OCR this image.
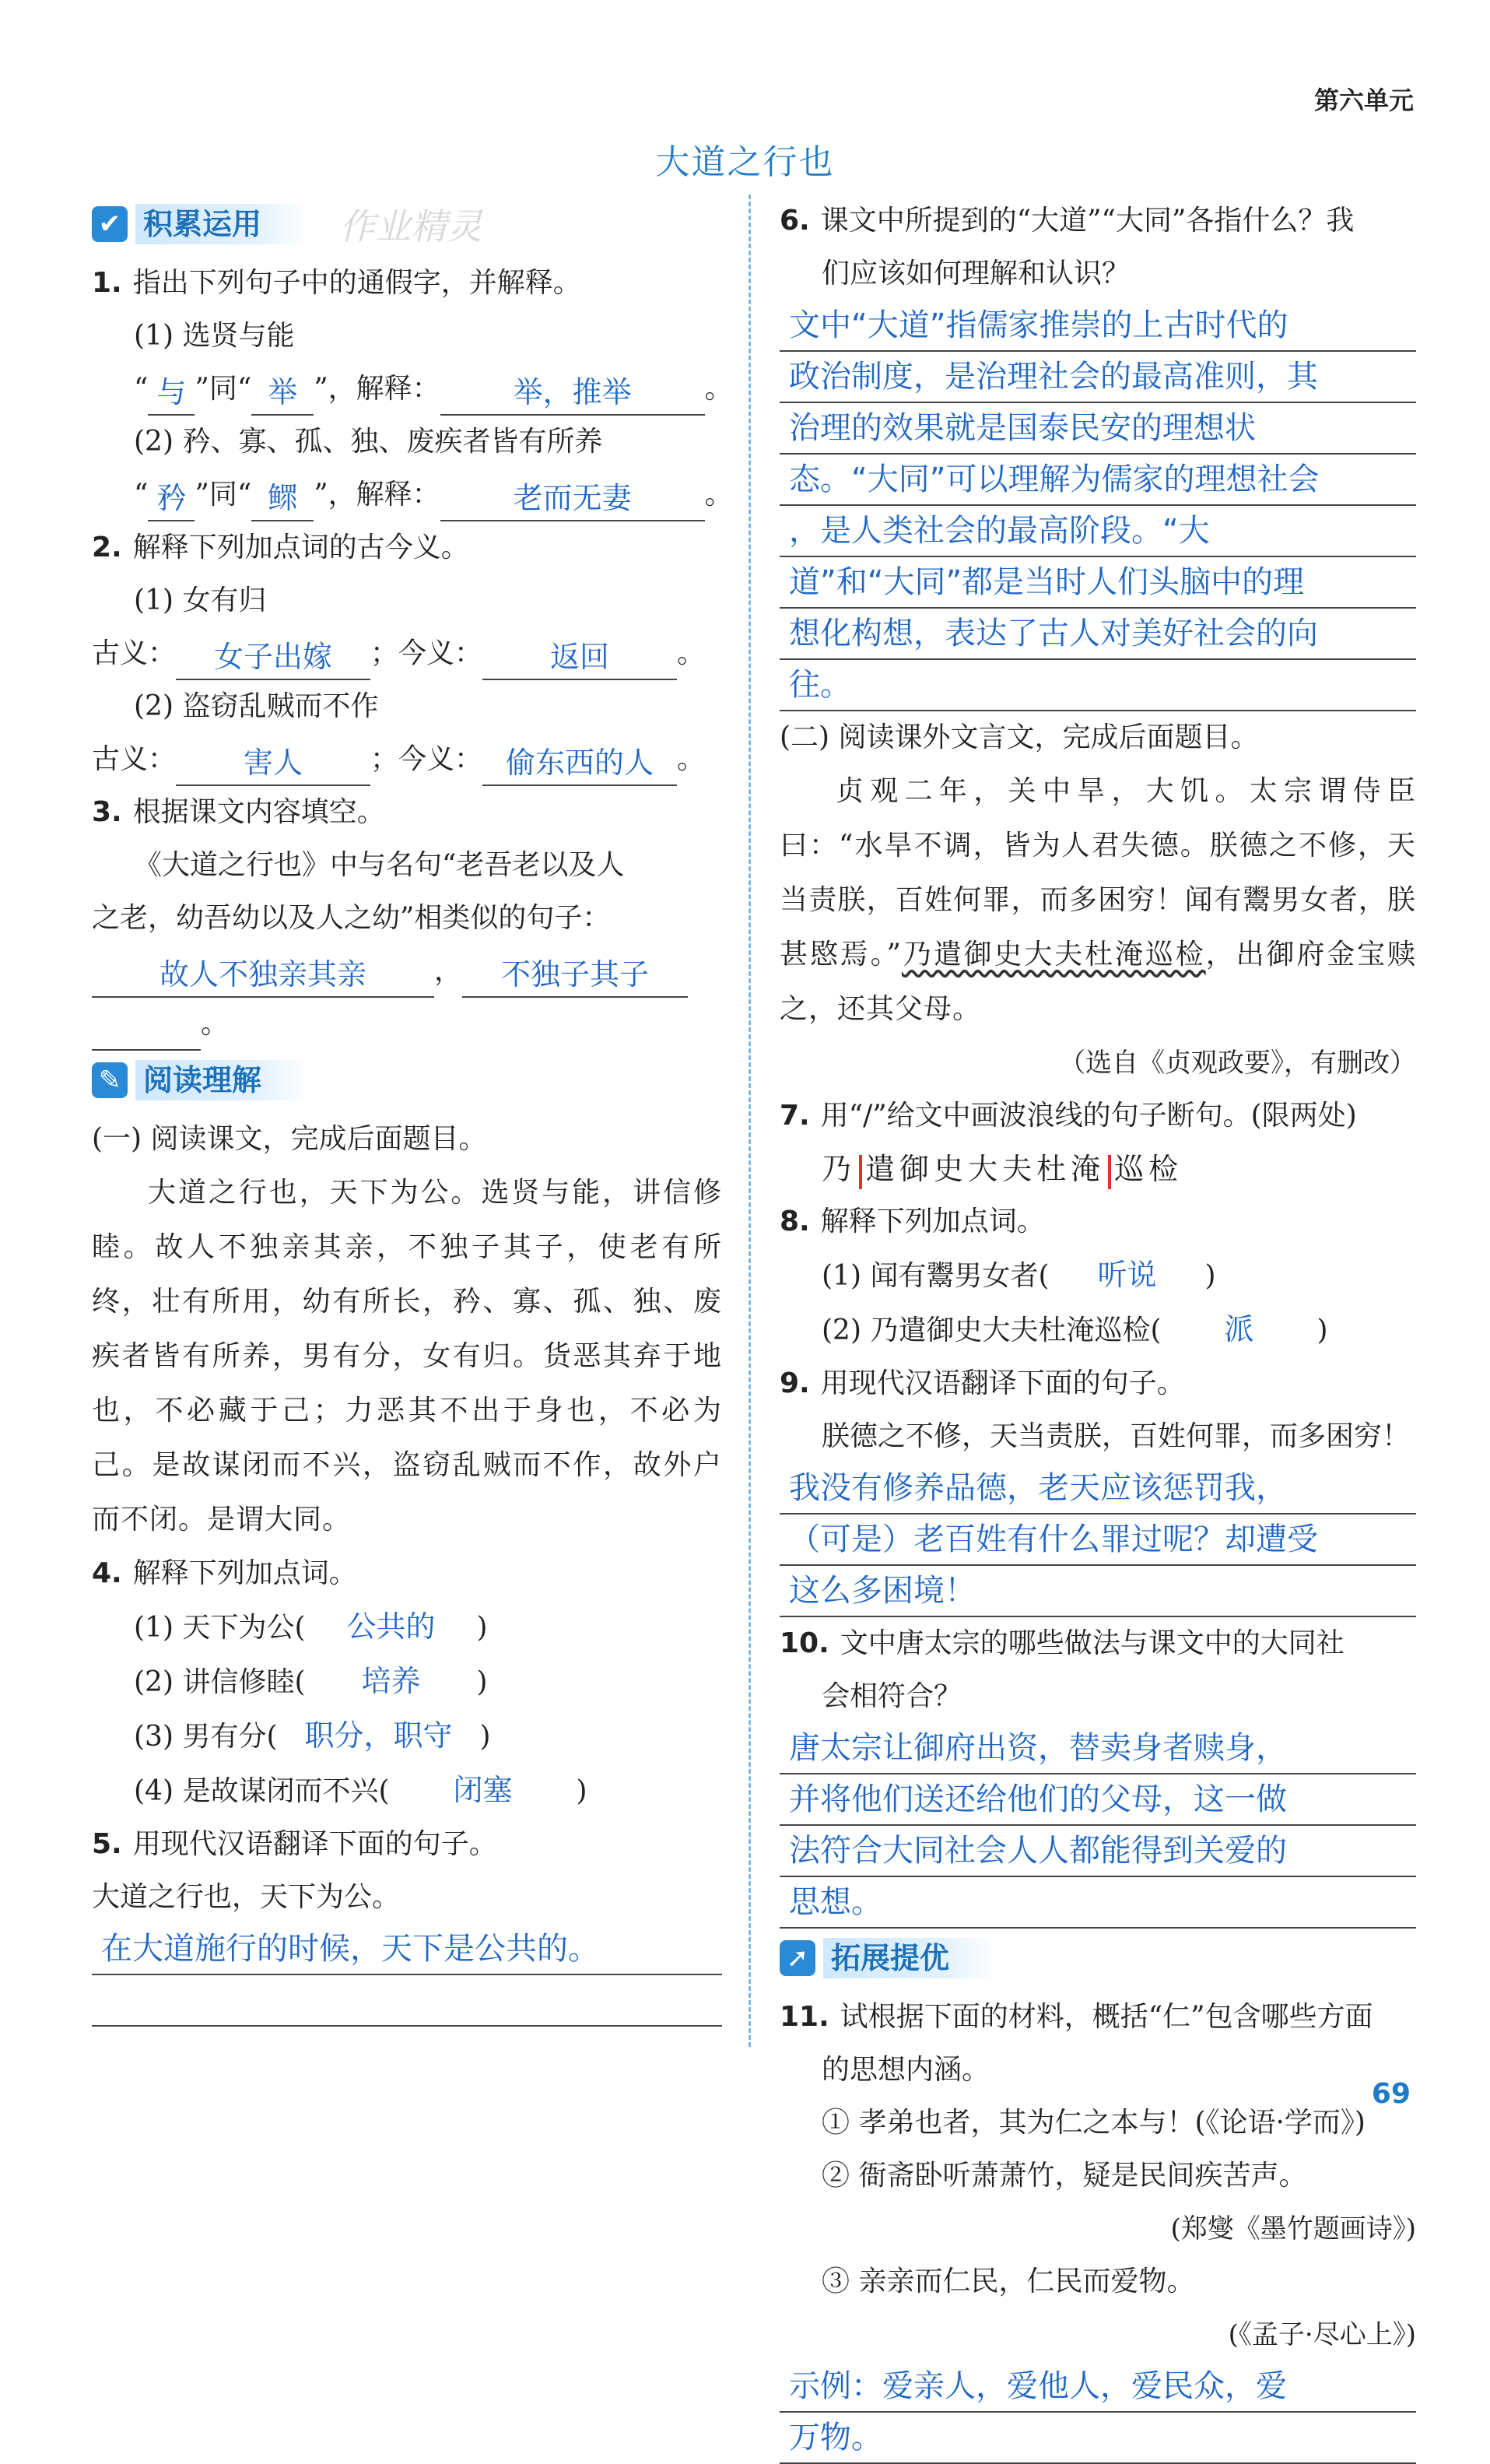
第六单元
大道之行也
✔ 积累运用	作业精灵
1. 指出下列句子中的通假字，并解释。
(1) 选贤与能
“ 与 ”同“ 举 ”，解释： 举，推举	。
(2) 矜、寡、孤、独、废疾者皆有所养
“ 矜 ”同“ 鳏 ”，解释： 老而无妻	。
2. 解释下列加点词的古今义。
(1) 女有归
古义： 女子出嫁 ；今义： 返回 。
(2) 盗窃乱贼而不作
古义： 害人 ；今义： 偷东西的人 。
3. 根据课文内容填空。
《大道之行也》中与名句“老吾老以及人
之老，幼吾幼以及人之幼”相类似的句子：
故人不独亲其亲 ， 不独子其子
。
✎ 阅读理解
(一) 阅读课文，完成后面题目。
大道之行也，天下为公。选贤与能，讲信修睦。故人不独亲其亲，不独子其子，使老有所终，壮有所用，幼有所长，矜、寡、孤、独、废疾者皆有所养，男有分，女有归。货恶其弃于地也，不必藏于己；力恶其不出于身也，不必为己。是故谋闭而不兴，盗窃乱贼而不作，故外户而不闭。是谓大同。
4. 解释下列加点词。
(1) 天下为公( 公共的 )
(2) 讲信修睦( 培养 )
(3) 男有分( 职分，职守 )
(4) 是故谋闭而不兴( 闭塞 )
5. 用现代汉语翻译下面的句子。
大道之行也，天下为公。
在大道施行的时候，天下是公共的。
6. 课文中所提到的“大道”“大同”各指什么？我
们应该如何理解和认识？
文中“大道”指儒家推崇的上古时代的
政治制度，是治理社会的最高准则，其
治理的效果就是国泰民安的理想状
态。“大同”可以理解为儒家的理想社会
，是人类社会的最高阶段。“大
道”和“大同”都是当时人们头脑中的理
想化构想，表达了古人对美好社会的向
往。
(二) 阅读课外文言文，完成后面题目。
贞观二年，关中旱，大饥。太宗谓侍臣曰：“水旱不调，皆为人君失德。朕德之不修，天当责朕，百姓何罪，而多困穷！闻有鬻男女者，朕甚愍焉。”乃遣御史大夫杜淹巡检，出御府金宝赎之，还其父母。
（选自《贞观政要》，有删改）
7. 用“/”给文中画波浪线的句子断句。(限两处)
乃 遣御史大夫杜淹 巡检
8. 解释下列加点词。
(1) 闻有鬻男女者( 听说 )
(2) 乃遣御史大夫杜淹巡检( 派 )
9. 用现代汉语翻译下面的句子。
朕德之不修，天当责朕，百姓何罪，而多困穷！
我没有修养品德，老天应该惩罚我，
（可是）老百姓有什么罪过呢？却遭受
这么多困境！
10. 文中唐太宗的哪些做法与课文中的大同社
会相符合？
唐太宗让御府出资，替卖身者赎身，
并将他们送还给他们的父母，这一做
法符合大同社会人人都能得到关爱的
思想。
➚ 拓展提优
11. 试根据下面的材料，概括“仁”包含哪些方面
的思想内涵。
① 孝弟也者，其为仁之本与！(《论语·学而》)
② 衙斋卧听萧萧竹，疑是民间疾苦声。
(郑燮《墨竹题画诗》)
③ 亲亲而仁民，仁民而爱物。
(《孟子·尽心上》)
示例：爱亲人，爱他人，爱民众，爱
万物。
69
